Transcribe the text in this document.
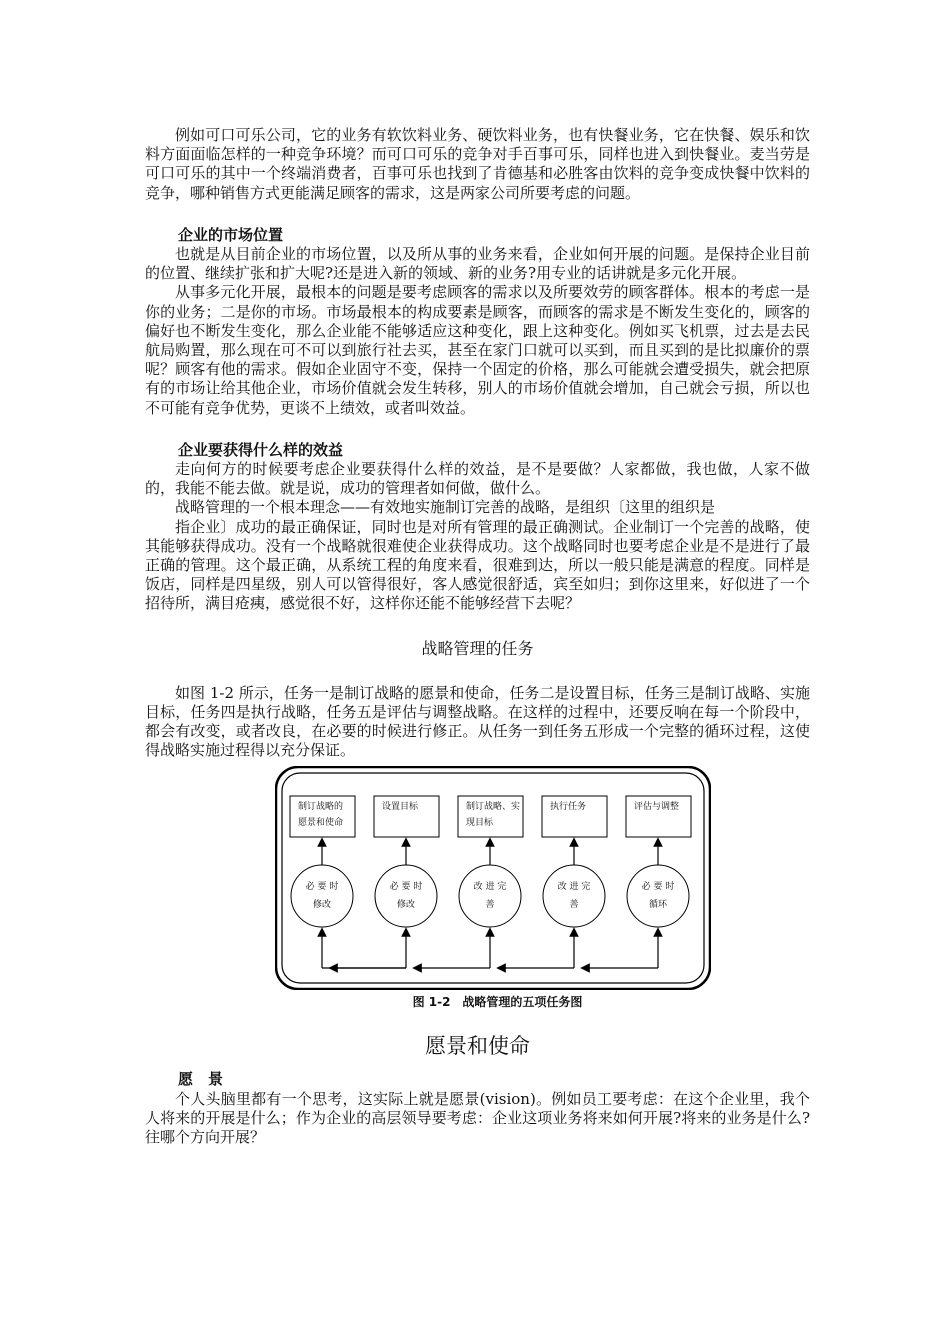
例如可口可乐公司，它的业务有软饮料业务、硬饮料业务，也有快餐业务，它在快餐、娱乐和饮料方面面临怎样的一种竞争环境？而可口可乐的竞争对手百事可乐，同样也进入到快餐业。麦当劳是可口可乐的其中一个终端消费者，百事可乐也找到了肯德基和必胜客由饮料的竞争变成快餐中饮料的竞争，哪种销售方式更能满足顾客的需求，这是两家公司所要考虑的问题。

企业的市场位置

也就是从目前企业的市场位置，以及所从事的业务来看，企业如何开展的问题。是保持企业目前的位置、继续扩张和扩大呢?还是进入新的领域、新的业务?用专业的话讲就是多元化开展。

从事多元化开展，最根本的问题是要考虑顾客的需求以及所要效劳的顾客群体。根本的考虑一是你的业务；二是你的市场。市场最根本的构成要素是顾客，而顾客的需求是不断发生变化的，顾客的偏好也不断发生变化，那么企业能不能够适应这种变化，跟上这种变化。例如买飞机票，过去是去民航局购置，那么现在可不可以到旅行社去买，甚至在家门口就可以买到，而且买到的是比拟廉价的票呢？顾客有他的需求。假如企业固守不变，保持一个固定的价格，那么可能就会遭受损失，就会把原有的市场让给其他企业，市场价值就会发生转移，别人的市场价值就会增加，自己就会亏损，所以也不可能有竞争优势，更谈不上绩效，或者叫效益。

企业要获得什么样的效益

走向何方的时候要考虑企业要获得什么样的效益，是不是要做？人家都做，我也做，人家不做的，我能不能去做。就是说，成功的管理者如何做，做什么。

战略管理的一个根本理念——有效地实施制订完善的战略，是组织〔这里的组织是

指企业〕成功的最正确保证，同时也是对所有管理的最正确测试。企业制订一个完善的战略，使其能够获得成功。没有一个战略就很难使企业获得成功。这个战略同时也要考虑企业是不是进行了最正确的管理。这个最正确，从系统工程的角度来看，很难到达，所以一般只能是满意的程度。同样是饭店，同样是四星级，别人可以管得很好，客人感觉很舒适，宾至如归；到你这里来，好似进了一个招待所，满目疮痍，感觉很不好，这样你还能不能够经营下去呢？

战略管理的任务

如图 1-2 所示，任务一是制订战略的愿景和使命，任务二是设置目标，任务三是制订战略、实施目标，任务四是执行战略，任务五是评估与调整战略。在这样的过程中，还要反响在每一个阶段中，都会有改变，或者改良，在必要的时候进行修正。从任务一到任务五形成一个完整的循环过程，这使得战略实施过程得以充分保证。

制订战略的
愿景和使命
设置目标	制订战略、实
现目标
执行任务	评估与调整
必 要 时
修改
必 要 时
修改
改 进 完
善
改 进 完
善
必 要 时
循环
图 1-2　战略管理的五项任务图
愿景和使命
愿　景

个人头脑里都有一个思考，这实际上就是愿景(vision)。例如员工要考虑：在这个企业里，我个人将来的开展是什么；作为企业的高层领导要考虑：企业这项业务将来如何开展?将来的业务是什么?往哪个方向开展？
